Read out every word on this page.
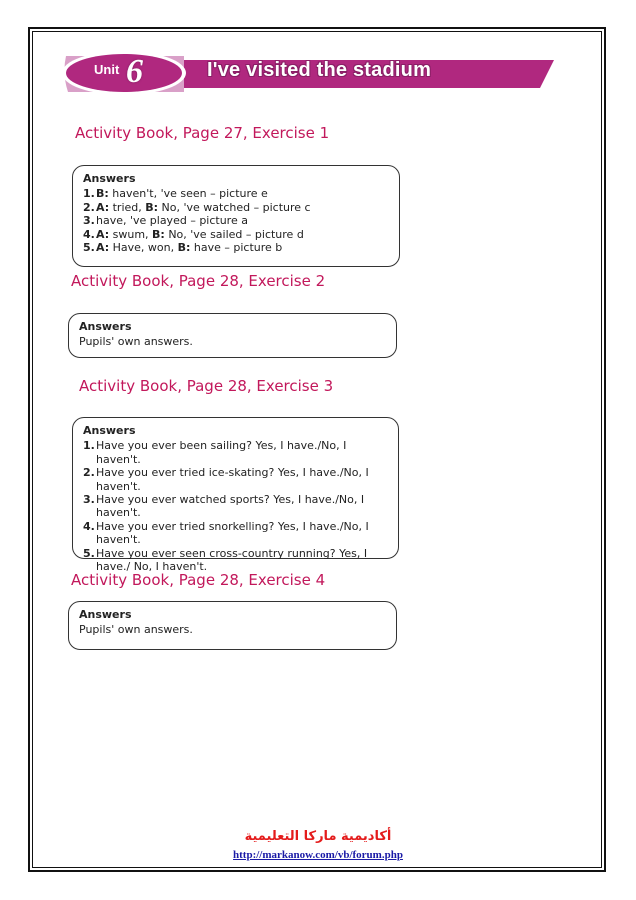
Unit 6	I've visited the stadium
Activity Book, Page 27, Exercise 1
Answers
1. B: haven't, 've seen – picture e
2. A: tried, B: No, 've watched – picture c
3. have, 've played – picture a
4. A: swum, B: No, 've sailed – picture d
5. A: Have, won, B: have – picture b
Activity Book, Page 28, Exercise 2
Answers
Pupils' own answers.
Activity Book, Page 28, Exercise 3
Answers
1. Have you ever been sailing? Yes, I have./No, I haven't.
2. Have you ever tried ice-skating? Yes, I have./No, I haven't.
3. Have you ever watched sports? Yes, I have./No, I haven't.
4. Have you ever tried snorkelling? Yes, I have./No, I haven't.
5. Have you ever seen cross-country running? Yes, I have./ No, I haven't.
Activity Book, Page 28, Exercise 4
Answers
Pupils' own answers.
أكاديمية ماركا التعليمية
http://markanow.com/vb/forum.php
